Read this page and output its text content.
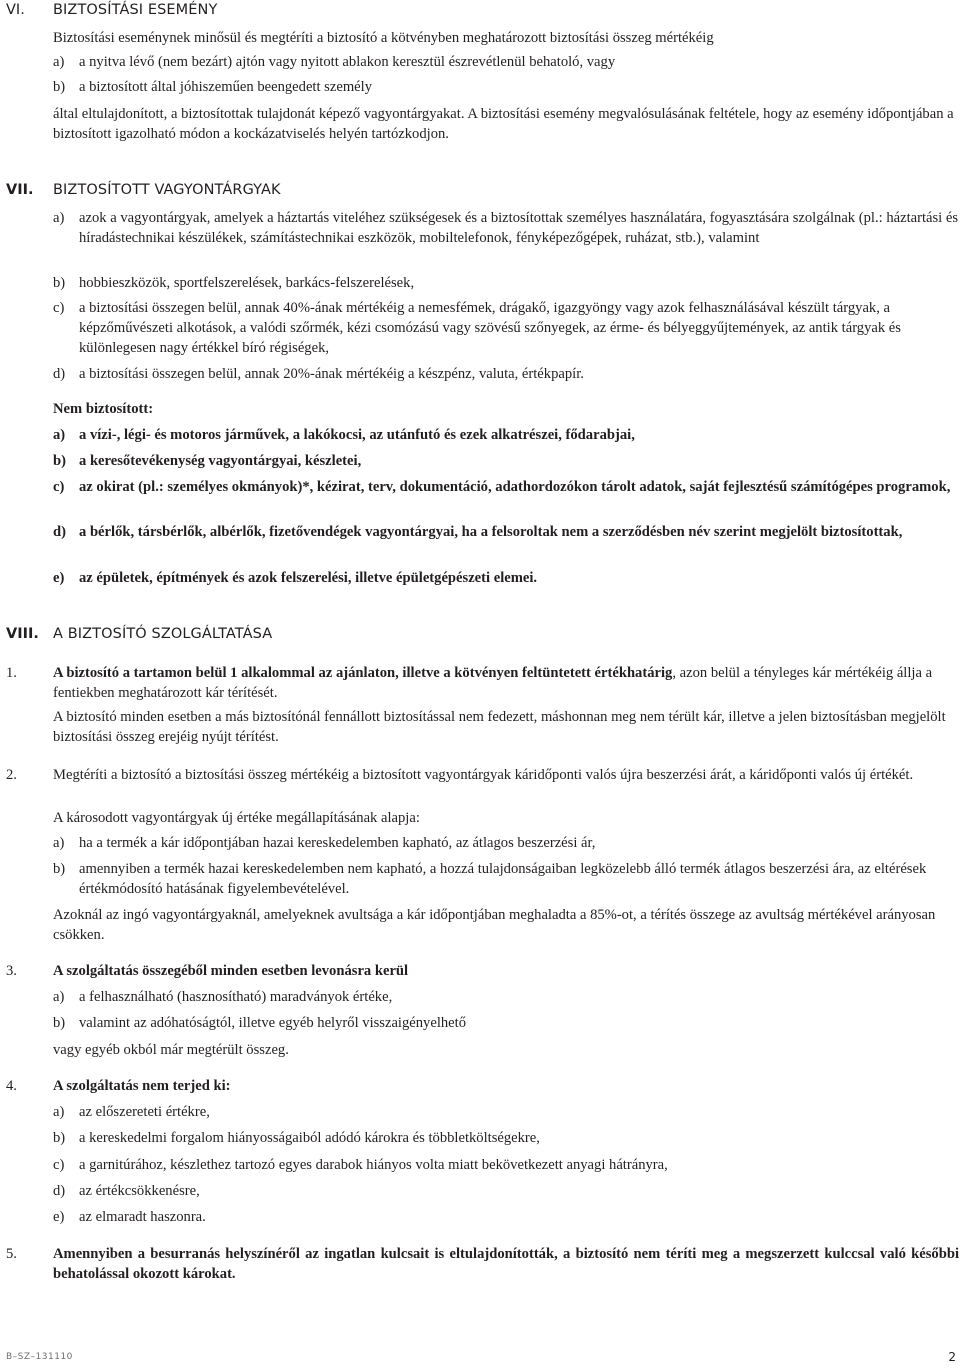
VI. BIZTOSÍTÁSI ESEMÉNY
Biztosítási eseménynek minősül és megtéríti a biztosító a kötvényben meghatározott biztosítási összeg mértékéig
a)	a nyitva lévő (nem bezárt) ajtón vagy nyitott ablakon keresztül észrevétlenül behatoló, vagy
b) a biztosított által jóhiszeműen beengedett személy
által eltulajdonított, a biztosítottak tulajdonát képező vagyontárgyakat. A biztosítási esemény megvalósulásának feltétele, hogy az esemény időpontjában a biztosított igazolható módon a kockázatviselés helyén tartózkodjon.
VII. BIZTOSÍTOTT VAGYONTÁRGYAK
a)	azok a vagyontárgyak, amelyek a háztartás viteléhez szükségesek és a biztosítottak személyes használatára, fogyasztására szolgálnak (pl.: háztartási és híradástechnikai készülékek, számítástechnikai eszközök, mobiltelefonok, fényképezőgépek, ruházat, stb.), valamint
b) hobbieszközök, sportfelszerelések, barkács-felszerelések,
c)	a biztosítási összegen belül, annak 40%-ának mértékéig a nemesfémek, drágakő, igazgyöngy vagy azok felhasználásával készült tárgyak, a képzőművészeti alkotások, a valódi szőrmék, kézi csomózású vagy szövésű szőnyegek, az érme- és bélyeggyűjtemények, az antik tárgyak és különlegesen nagy értékkel bíró régiségek,
d) a biztosítási összegen belül, annak 20%-ának mértékéig a készpénz, valuta, értékpapír.
Nem biztosított:
a) a vízi-, légi- és motoros járművek, a lakókocsi, az utánfutó és ezek alkatrészei, fődarabjai,
b) a keresőtevékenység vagyontárgyai, készletei,
c)	az okirat (pl.: személyes okmányok)*, kézirat, terv, dokumentáció, adathordozókon tárolt adatok, saját fejlesztésű számítógépes programok,
d) a bérlők, társbérlők, albérlők, fizetővendégek vagyontárgyai, ha a felsoroltak nem a szerződésben név szerint megjelölt biztosítottak,
e)	az épületek, építmények és azok felszerelési, illetve épületgépészeti elemei.
VIII. A BIZTOSÍTÓ SZOLGÁLTATÁSA
1. A biztosító a tartamon belül 1 alkalommal az ajánlaton, illetve a kötvényen feltüntetett értékhatárig, azon belül a tényleges kár mértékéig állja a fentiekben meghatározott kár térítését.
A biztosító minden esetben a más biztosítónál fennállott biztosítással nem fedezett, máshonnan meg nem térült kár, illetve a jelen biztosításban megjelölt biztosítási összeg erejéig nyújt térítést.
2. Megtéríti a biztosító a biztosítási összeg mértékéig a biztosított vagyontárgyak káridőponti valós újra beszerzési árát, a káridőponti valós új értékét.
A károsodott vagyontárgyak új értéke megállapításának alapja:
a)	ha a termék a kár időpontjában hazai kereskedelemben kapható, az átlagos beszerzési ár,
b) amennyiben a termék hazai kereskedelemben nem kapható, a hozzá tulajdonságaiban legközelebb álló termék átlagos beszerzési ára, az eltérések értékmódosító hatásának figyelembevételével.
Azoknál az ingó vagyontárgyaknál, amelyeknek avultsága a kár időpontjában meghaladta a 85%-ot, a térítés összege az avultság mértékével arányosan csökken.
3. A szolgáltatás összegéből minden esetben levonásra kerül
a)	a felhasználható (hasznosítható) maradványok értéke,
b) valamint az adóhatóságtól, illetve egyéb helyről visszaigényelhető
vagy egyéb okból már megtérült összeg.
4. A szolgáltatás nem terjed ki:
a)	az előszereteti értékre,
b) a kereskedelmi forgalom hiányosságaiból adódó károkra és többletköltségekre,
c)	a garnitúrához, készlethez tartozó egyes darabok hiányos volta miatt bekövetkezett anyagi hátrányra,
d) az értékcsökkenésre,
e)	az elmaradt haszonra.
5. Amennyiben a besurranás helyszínéről az ingatlan kulcsait is eltulajdonították, a biztosító nem téríti meg a megszerzett kulccsal való későbbi behatolással okozott károkat.
B–SZ–131110	2
